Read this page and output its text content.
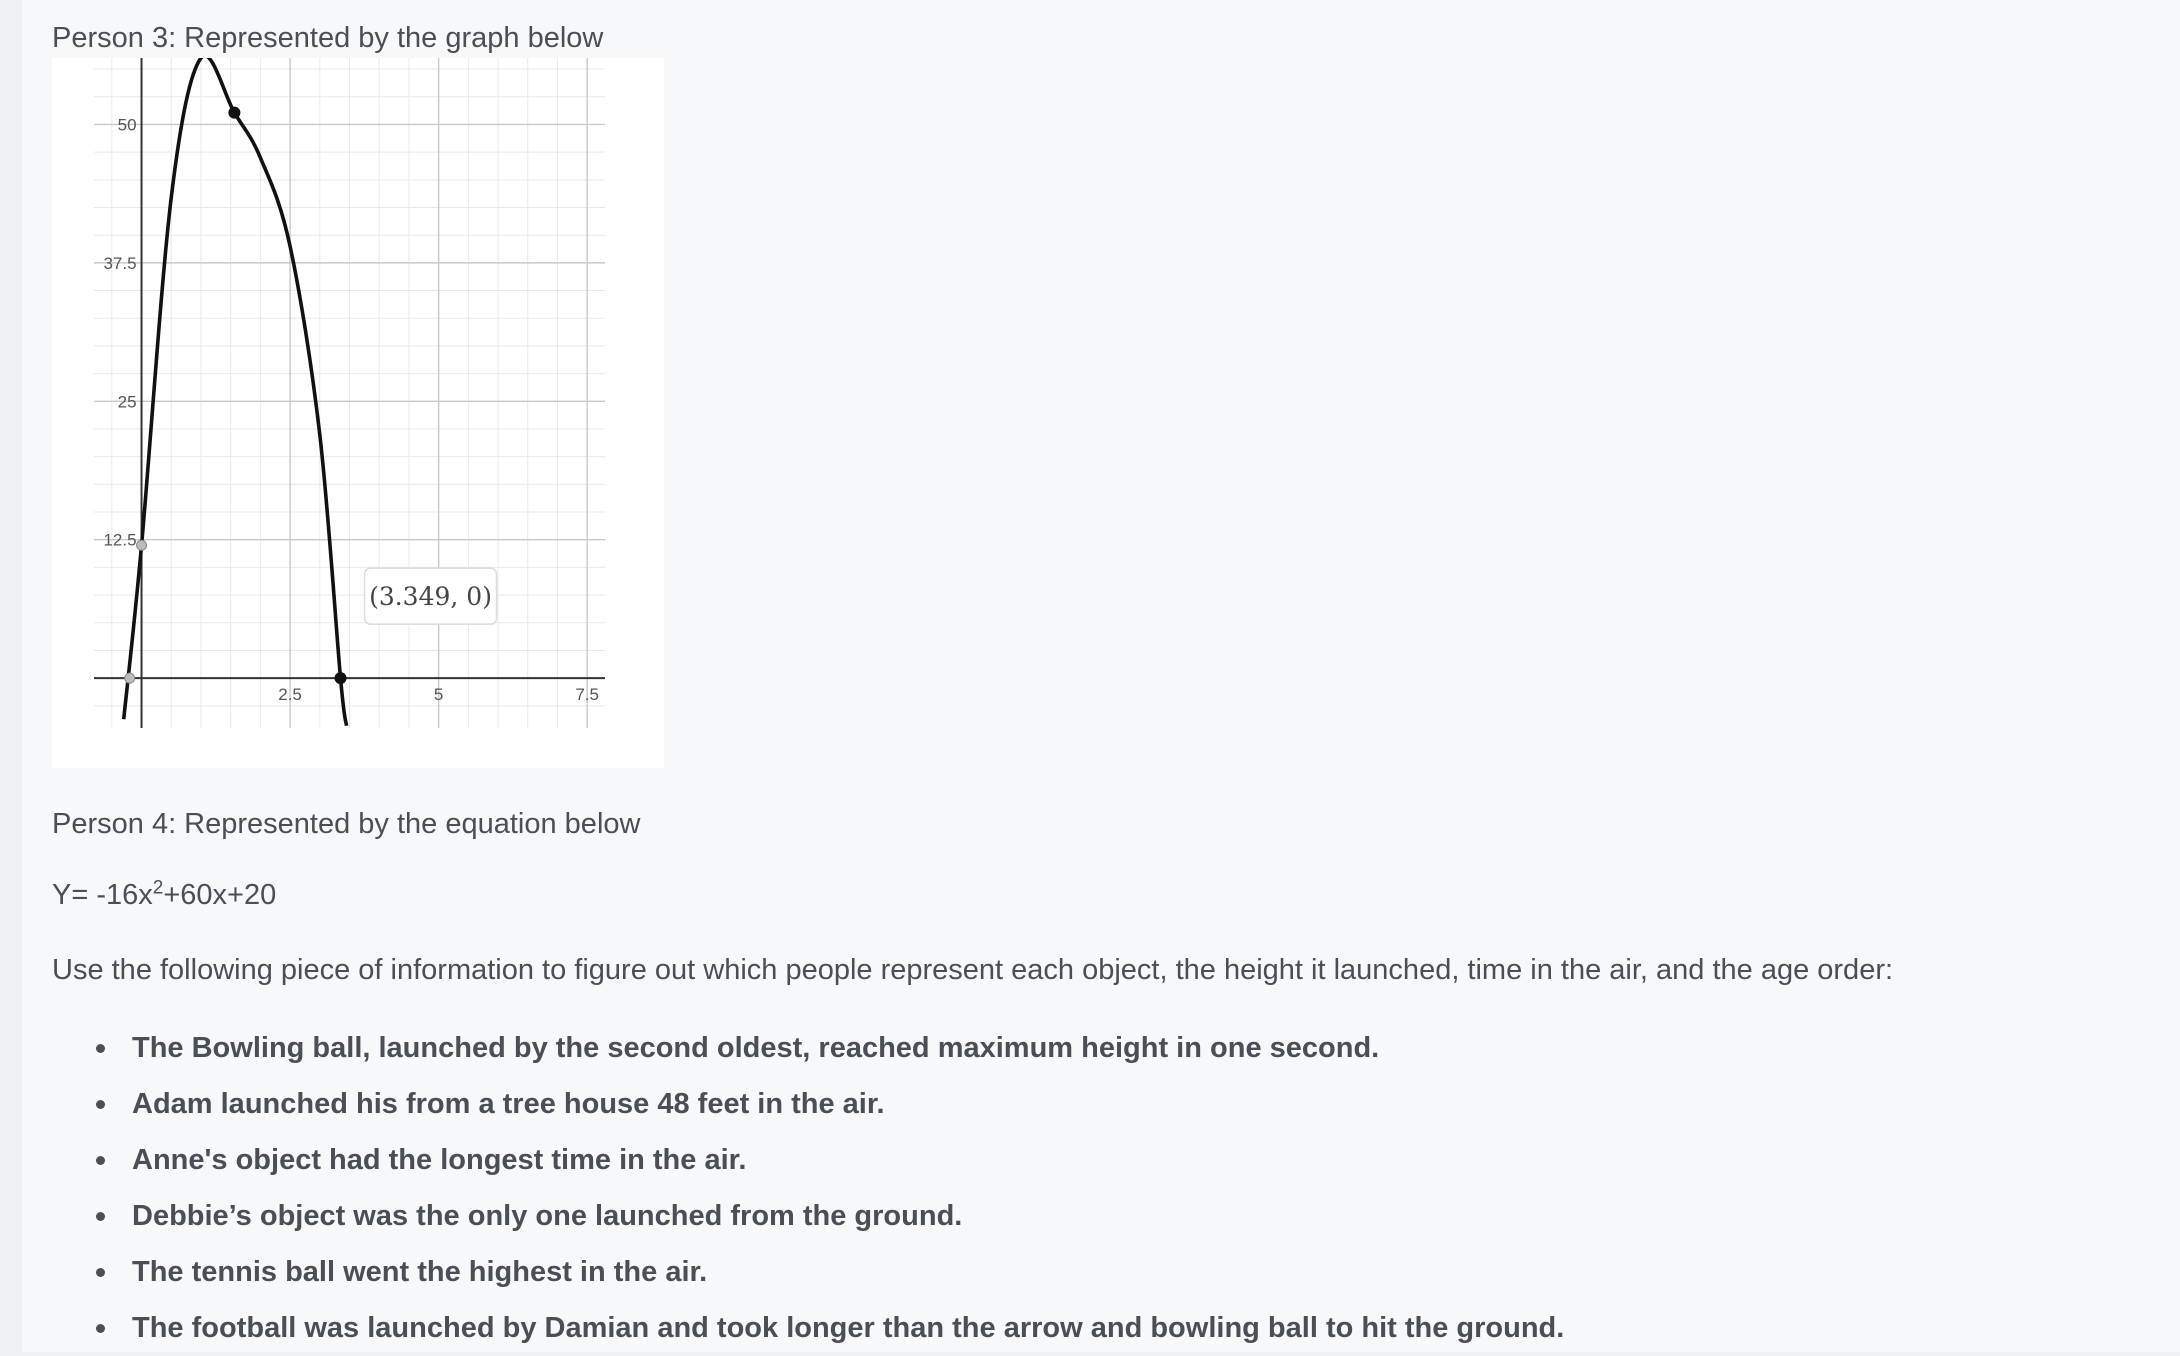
Person 3: Represented by the graph below

2.5	5	7.5
12.5
25
37.5
50
(3.349, 0)

Person 4: Represented by the equation below

$Y= -16x^2+60x+20$

Use the following piece of information to figure out which people represent each object, the height it launched, time in the air, and the age order:

The Bowling ball, launched by the second oldest, reached maximum height in one second.
Adam launched his from a tree house 48 feet in the air.
Anne's object had the longest time in the air.
Debbie’s object was the only one launched from the ground.
The tennis ball went the highest in the air.
The football was launched by Damian and took longer than the arrow and bowling ball to hit the ground.
